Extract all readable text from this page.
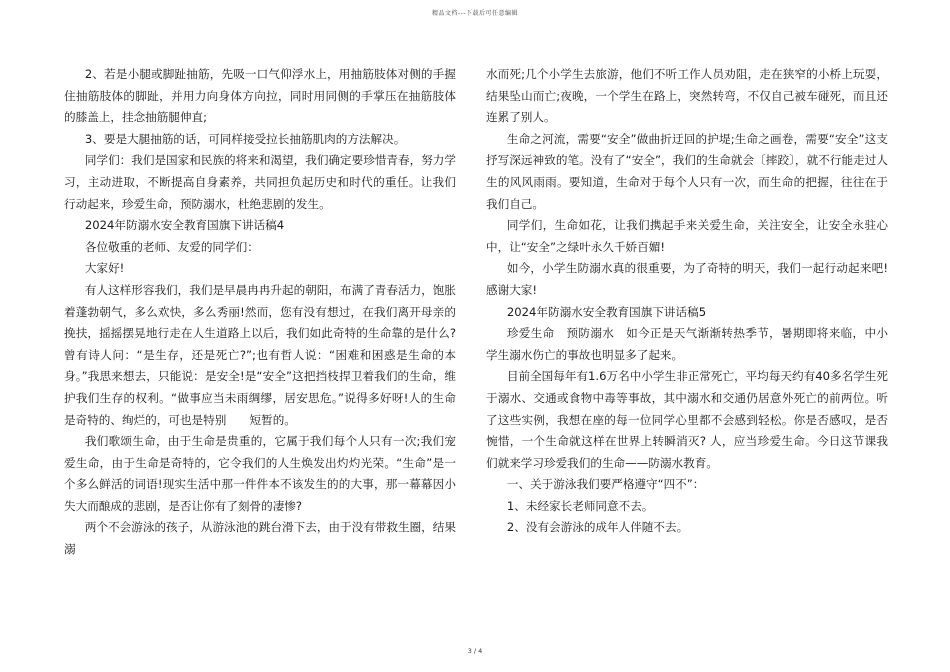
精品文档---下载后可任意编辑

2、若是小腿或脚趾抽筋，先吸一口气仰浮水上，用抽筋肢体对侧的手握住抽筋肢体的脚趾，并用力向身体方向拉，同时用同侧的手掌压在抽筋肢体的膝盖上，挂念抽筋腿伸直;

3、要是大腿抽筋的话，可同样接受拉长抽筋肌肉的方法解决。

同学们：我们是国家和民族的将来和渴望，我们确定要珍惜青春，努力学习，主动进取，不断提高自身素养，共同担负起历史和时代的重任。让我们行动起来，珍爱生命，预防溺水，杜绝悲剧的发生。

2024年防溺水安全教育国旗下讲话稿4

各位敬重的老师、友爱的同学们：

大家好!

有人这样形容我们，我们是早晨冉冉升起的朝阳，布满了青春活力，饱胀着蓬勃朝气，多么欢快，多么秀丽!然而，您有没有想过，在我们离开母亲的挽扶，摇摇摆晃地行走在人生道路上以后，我们如此奇特的生命靠的是什么?曾有诗人问：“是生存，还是死亡?”;也有哲人说：“困难和困惑是生命的本身。”我思来想去，只能说：是安全!是“安全”这把挡枝捍卫着我们的生命，维护我们生存的权利。“做事应当未雨绸缪，居安思危。”说得多好呀!人的生命是奇特的、绚烂的，可也是特别　　短暂的。

我们歌颂生命，由于生命是贵重的，它属于我们每个人只有一次;我们宠爱生命，由于生命是奇特的，它令我们的人生焕发出灼灼光荣。“生命”是一个多么鲜活的词语!现实生活中那一件件本不该发生的的大事，那一幕幕因小失大而酿成的悲剧，是否让你有了刻骨的凄惨?

两个不会游泳的孩子，从游泳池的跳台滑下去，由于没有带救生圈，结果溺

水而死;几个小学生去旅游，他们不听工作人员劝阻，走在狭窄的小桥上玩耍，结果坠山而亡;夜晚，一个学生在路上，突然转弯，不仅自己被车碰死，而且还连累了别人。

生命之河流，需要“安全”做曲折迂回的护堤;生命之画卷，需要“安全”这支抒写深远神致的笔。没有了“安全”，我们的生命就会〔摔跤〕，就不行能走过人生的风风雨雨。要知道，生命对于每个人只有一次，而生命的把握，往往在于我们自己。

同学们，生命如花，让我们携起手来关爱生命，关注安全，让安全永驻心中，让“安全”之绿叶永久千娇百媚!

如今，小学生防溺水真的很重要，为了奇特的明天，我们一起行动起来吧!感谢大家!

2024年防溺水安全教育国旗下讲话稿5

珍爱生命　预防溺水　如今正是天气渐渐转热季节，暑期即将来临，中小学生溺水伤亡的事故也明显多了起来。

目前全国每年有1.6万名中小学生非正常死亡，平均每天约有40多名学生死于溺水、交通或食物中毒等事故，其中溺水和交通仍居意外死亡的前两位。听了这些实例，我想在座的每一位同学心里都不会感到轻松。你是否感叹，是否惋惜，一个生命就这样在世界上转瞬消灭? 人，应当珍爱生命。今日这节课我们就来学习珍爱我们的生命——防溺水教育。

一、关于游泳我们要严格遵守“四不”：

1、未经家长老师同意不去。

2、没有会游泳的成年人伴随不去。

3 / 4
